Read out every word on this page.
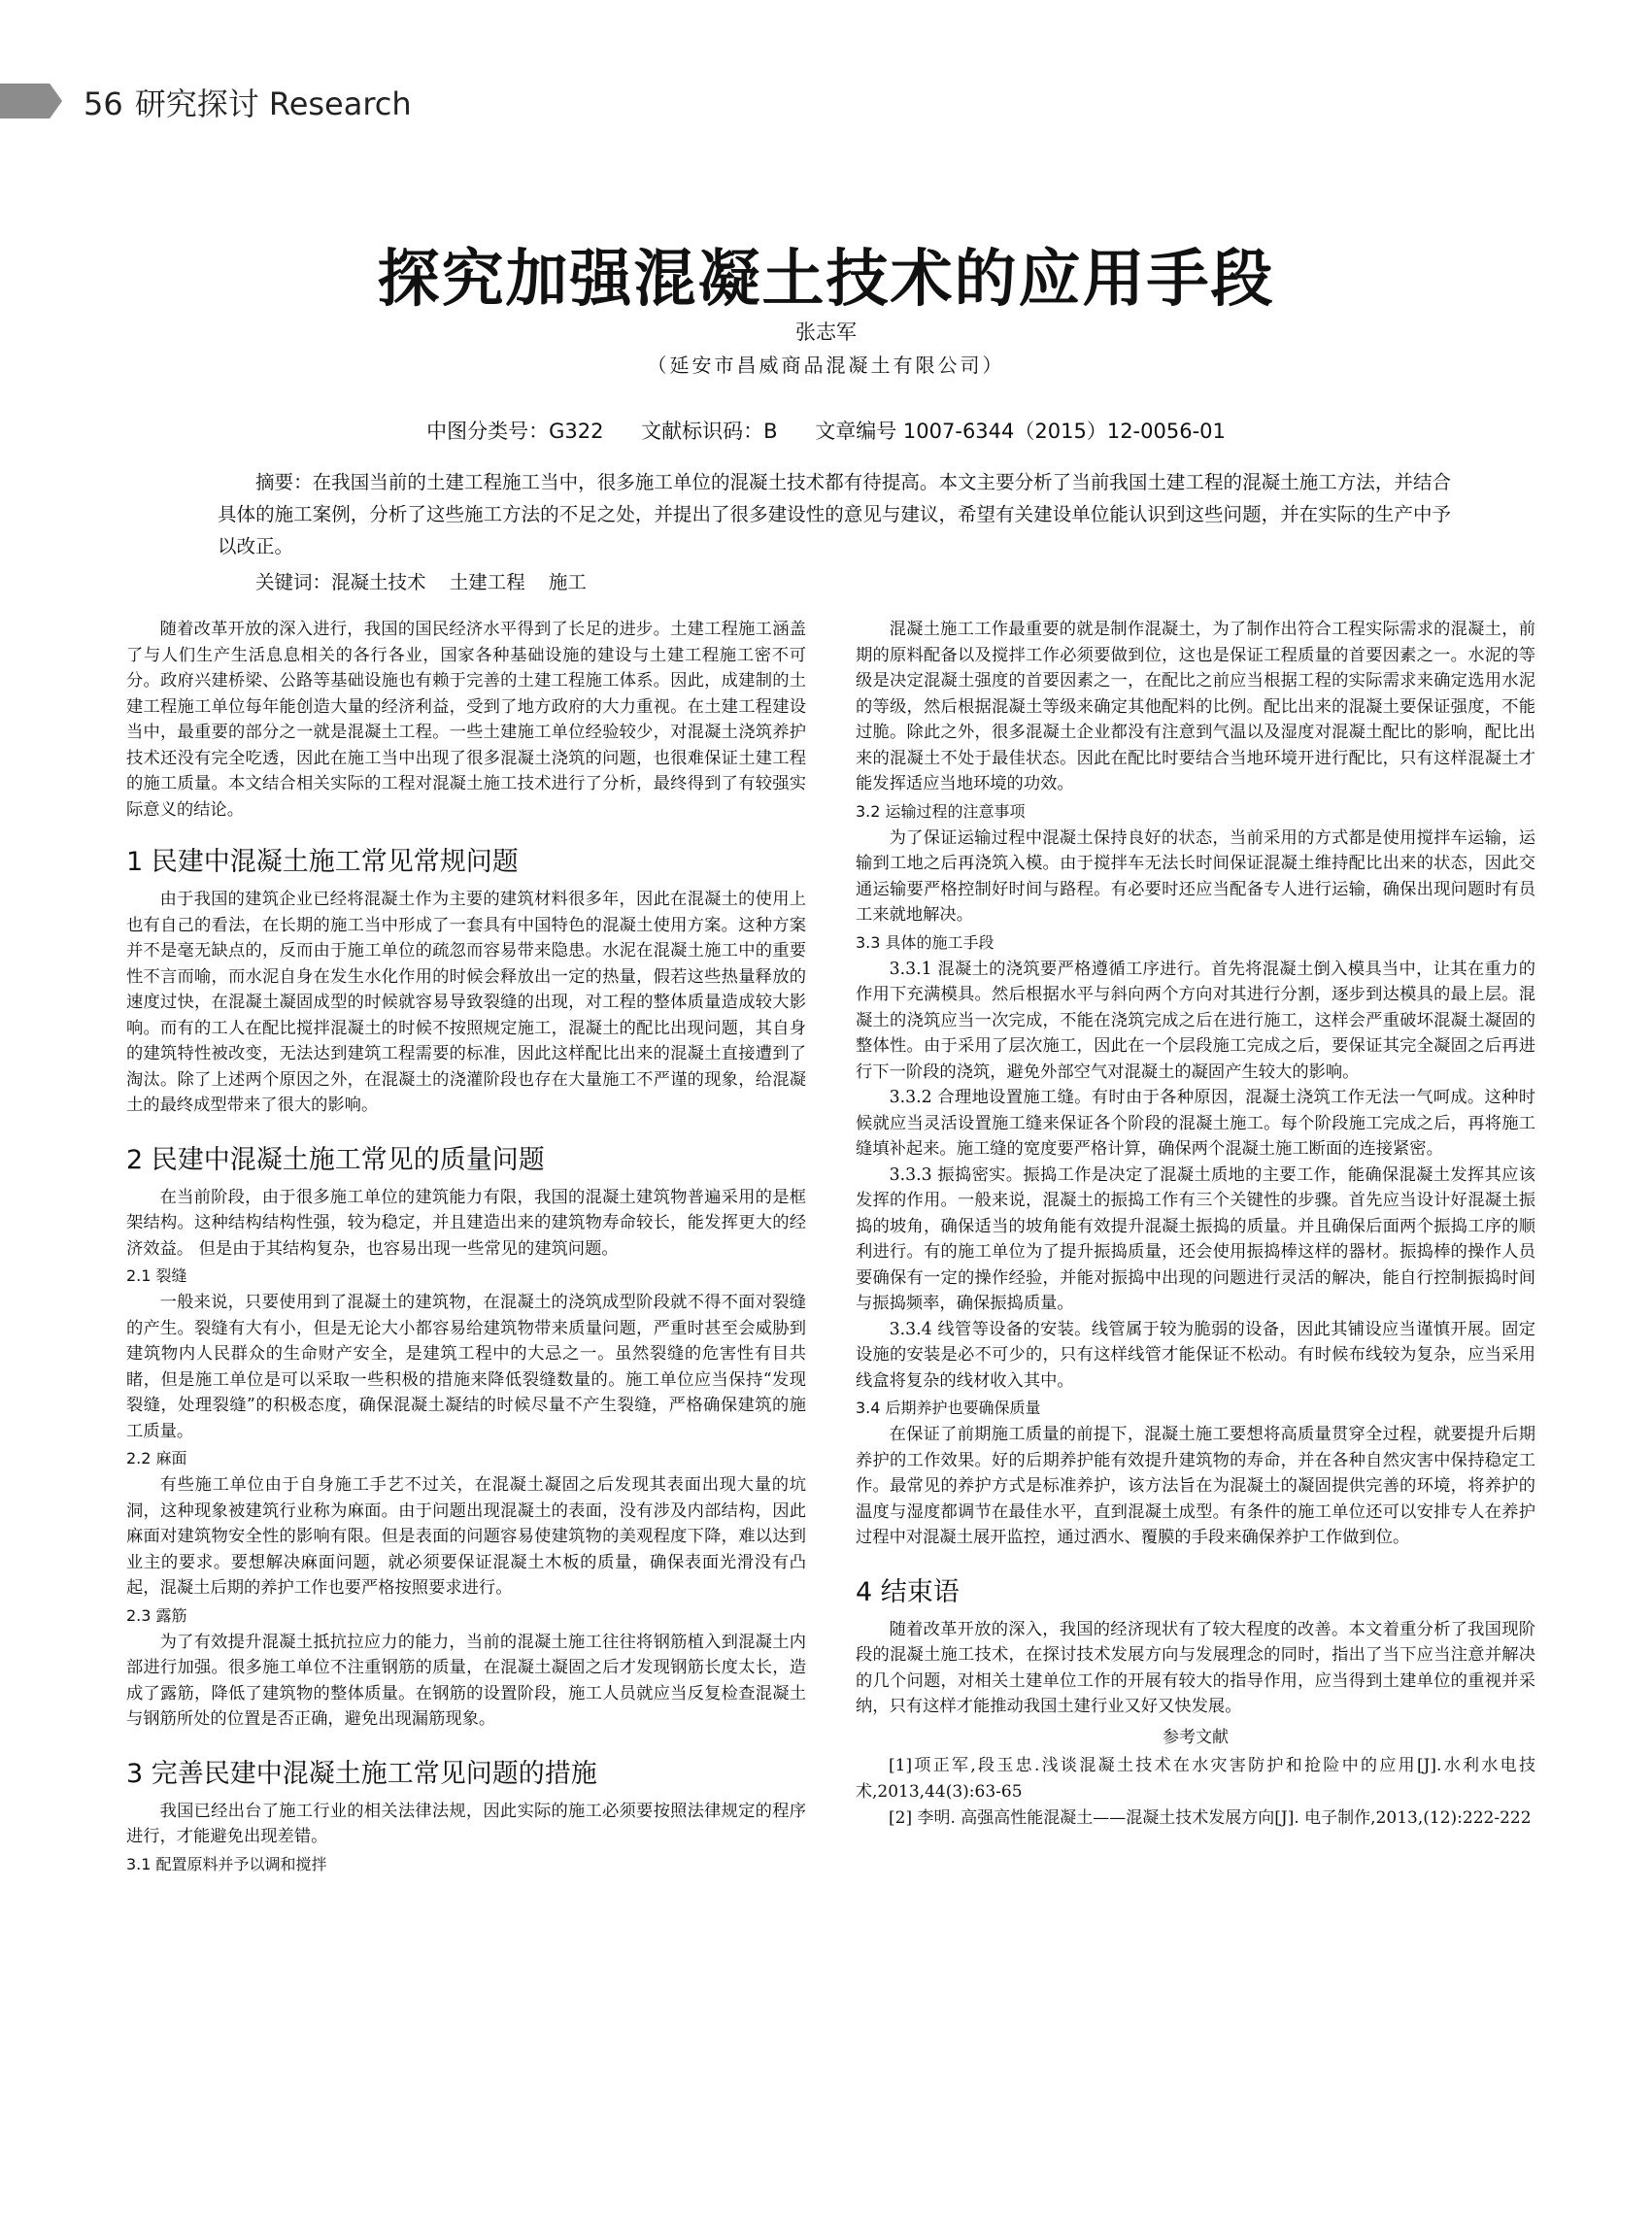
56 研究探讨 Research
探究加强混凝土技术的应用手段
张志军
（延安市昌威商品混凝土有限公司）
中图分类号：G322 文献标识码：B 文章编号 1007-6344（2015）12-0056-01

摘要：在我国当前的土建工程施工当中，很多施工单位的混凝土技术都有待提高。本文主要分析了当前我国土建工程的混凝土施工方法，并结合具体的施工案例，分析了这些施工方法的不足之处，并提出了很多建设性的意见与建议，希望有关建设单位能认识到这些问题，并在实际的生产中予以改正。

关键词：混凝土技术 土建工程 施工

随着改革开放的深入进行，我国的国民经济水平得到了长足的进步。土建工程施工涵盖了与人们生产生活息息相关的各行各业，国家各种基础设施的建设与土建工程施工密不可分。政府兴建桥梁、公路等基础设施也有赖于完善的土建工程施工体系。因此，成建制的土建工程施工单位每年能创造大量的经济利益，受到了地方政府的大力重视。在土建工程建设当中，最重要的部分之一就是混凝土工程。一些土建施工单位经验较少，对混凝土浇筑养护技术还没有完全吃透，因此在施工当中出现了很多混凝土浇筑的问题，也很难保证土建工程的施工质量。本文结合相关实际的工程对混凝土施工技术进行了分析，最终得到了有较强实际意义的结论。

1 民建中混凝土施工常见常规问题

由于我国的建筑企业已经将混凝土作为主要的建筑材料很多年，因此在混凝土的使用上也有自己的看法，在长期的施工当中形成了一套具有中国特色的混凝土使用方案。这种方案并不是毫无缺点的，反而由于施工单位的疏忽而容易带来隐患。水泥在混凝土施工中的重要性不言而喻，而水泥自身在发生水化作用的时候会释放出一定的热量，假若这些热量释放的速度过快，在混凝土凝固成型的时候就容易导致裂缝的出现，对工程的整体质量造成较大影响。而有的工人在配比搅拌混凝土的时候不按照规定施工，混凝土的配比出现问题，其自身的建筑特性被改变，无法达到建筑工程需要的标准，因此这样配比出来的混凝土直接遭到了淘汰。除了上述两个原因之外，在混凝土的浇灌阶段也存在大量施工不严谨的现象，给混凝土的最终成型带来了很大的影响。

2 民建中混凝土施工常见的质量问题

在当前阶段，由于很多施工单位的建筑能力有限，我国的混凝土建筑物普遍采用的是框架结构。这种结构结构性强，较为稳定，并且建造出来的建筑物寿命较长，能发挥更大的经济效益。 但是由于其结构复杂，也容易出现一些常见的建筑问题。

2.1 裂缝

一般来说，只要使用到了混凝土的建筑物，在混凝土的浇筑成型阶段就不得不面对裂缝的产生。裂缝有大有小，但是无论大小都容易给建筑物带来质量问题，严重时甚至会威胁到建筑物内人民群众的生命财产安全，是建筑工程中的大忌之一。虽然裂缝的危害性有目共睹，但是施工单位是可以采取一些积极的措施来降低裂缝数量的。施工单位应当保持“发现裂缝，处理裂缝”的积极态度，确保混凝土凝结的时候尽量不产生裂缝，严格确保建筑的施工质量。

2.2 麻面

有些施工单位由于自身施工手艺不过关，在混凝土凝固之后发现其表面出现大量的坑洞，这种现象被建筑行业称为麻面。由于问题出现混凝土的表面，没有涉及内部结构，因此麻面对建筑物安全性的影响有限。但是表面的问题容易使建筑物的美观程度下降，难以达到业主的要求。要想解决麻面问题，就必须要保证混凝土木板的质量，确保表面光滑没有凸起，混凝土后期的养护工作也要严格按照要求进行。

2.3 露筋

为了有效提升混凝土抵抗拉应力的能力，当前的混凝土施工往往将钢筋植入到混凝土内部进行加强。很多施工单位不注重钢筋的质量，在混凝土凝固之后才发现钢筋长度太长，造成了露筋，降低了建筑物的整体质量。在钢筋的设置阶段，施工人员就应当反复检查混凝土与钢筋所处的位置是否正确，避免出现漏筋现象。

3 完善民建中混凝土施工常见问题的措施

我国已经出台了施工行业的相关法律法规，因此实际的施工必须要按照法律规定的程序进行，才能避免出现差错。

3.1 配置原料并予以调和搅拌

混凝土施工工作最重要的就是制作混凝土，为了制作出符合工程实际需求的混凝土，前期的原料配备以及搅拌工作必须要做到位，这也是保证工程质量的首要因素之一。水泥的等级是决定混凝土强度的首要因素之一，在配比之前应当根据工程的实际需求来确定选用水泥的等级，然后根据混凝土等级来确定其他配料的比例。配比出来的混凝土要保证强度，不能过脆。除此之外，很多混凝土企业都没有注意到气温以及湿度对混凝土配比的影响，配比出来的混凝土不处于最佳状态。因此在配比时要结合当地环境开进行配比，只有这样混凝土才能发挥适应当地环境的功效。

3.2 运输过程的注意事项

为了保证运输过程中混凝土保持良好的状态，当前采用的方式都是使用搅拌车运输，运输到工地之后再浇筑入模。由于搅拌车无法长时间保证混凝土维持配比出来的状态，因此交通运输要严格控制好时间与路程。有必要时还应当配备专人进行运输，确保出现问题时有员工来就地解决。

3.3 具体的施工手段

3.3.1 混凝土的浇筑要严格遵循工序进行。首先将混凝土倒入模具当中，让其在重力的作用下充满模具。然后根据水平与斜向两个方向对其进行分割，逐步到达模具的最上层。混凝土的浇筑应当一次完成，不能在浇筑完成之后在进行施工，这样会严重破坏混凝土凝固的整体性。由于采用了层次施工，因此在一个层段施工完成之后，要保证其完全凝固之后再进行下一阶段的浇筑，避免外部空气对混凝土的凝固产生较大的影响。

3.3.2 合理地设置施工缝。有时由于各种原因，混凝土浇筑工作无法一气呵成。这种时候就应当灵活设置施工缝来保证各个阶段的混凝土施工。每个阶段施工完成之后，再将施工缝填补起来。施工缝的宽度要严格计算，确保两个混凝土施工断面的连接紧密。

3.3.3 振捣密实。振捣工作是决定了混凝土质地的主要工作，能确保混凝土发挥其应该发挥的作用。一般来说，混凝土的振捣工作有三个关键性的步骤。首先应当设计好混凝土振捣的坡角，确保适当的坡角能有效提升混凝土振捣的质量。并且确保后面两个振捣工序的顺利进行。有的施工单位为了提升振捣质量，还会使用振捣棒这样的器材。振捣棒的操作人员要确保有一定的操作经验，并能对振捣中出现的问题进行灵活的解决，能自行控制振捣时间与振捣频率，确保振捣质量。

3.3.4 线管等设备的安装。线管属于较为脆弱的设备，因此其铺设应当谨慎开展。固定设施的安装是必不可少的，只有这样线管才能保证不松动。有时候布线较为复杂，应当采用线盒将复杂的线材收入其中。

3.4 后期养护也要确保质量

在保证了前期施工质量的前提下，混凝土施工要想将高质量贯穿全过程，就要提升后期养护的工作效果。好的后期养护能有效提升建筑物的寿命，并在各种自然灾害中保持稳定工作。最常见的养护方式是标准养护，该方法旨在为混凝土的凝固提供完善的环境，将养护的温度与湿度都调节在最佳水平，直到混凝土成型。有条件的施工单位还可以安排专人在养护过程中对混凝土展开监控，通过洒水、覆膜的手段来确保养护工作做到位。

4 结束语

随着改革开放的深入，我国的经济现状有了较大程度的改善。本文着重分析了我国现阶段的混凝土施工技术，在探讨技术发展方向与发展理念的同时，指出了当下应当注意并解决的几个问题，对相关土建单位工作的开展有较大的指导作用，应当得到土建单位的重视并采纳，只有这样才能推动我国土建行业又好又快发展。

参考文献

[1]项正军,段玉忠.浅谈混凝土技术在水灾害防护和抢险中的应用[J].水利水电技术,2013,44(3):63-65

[2] 李明. 高强高性能混凝土——混凝土技术发展方向[J]. 电子制作,2013,(12):222-222
